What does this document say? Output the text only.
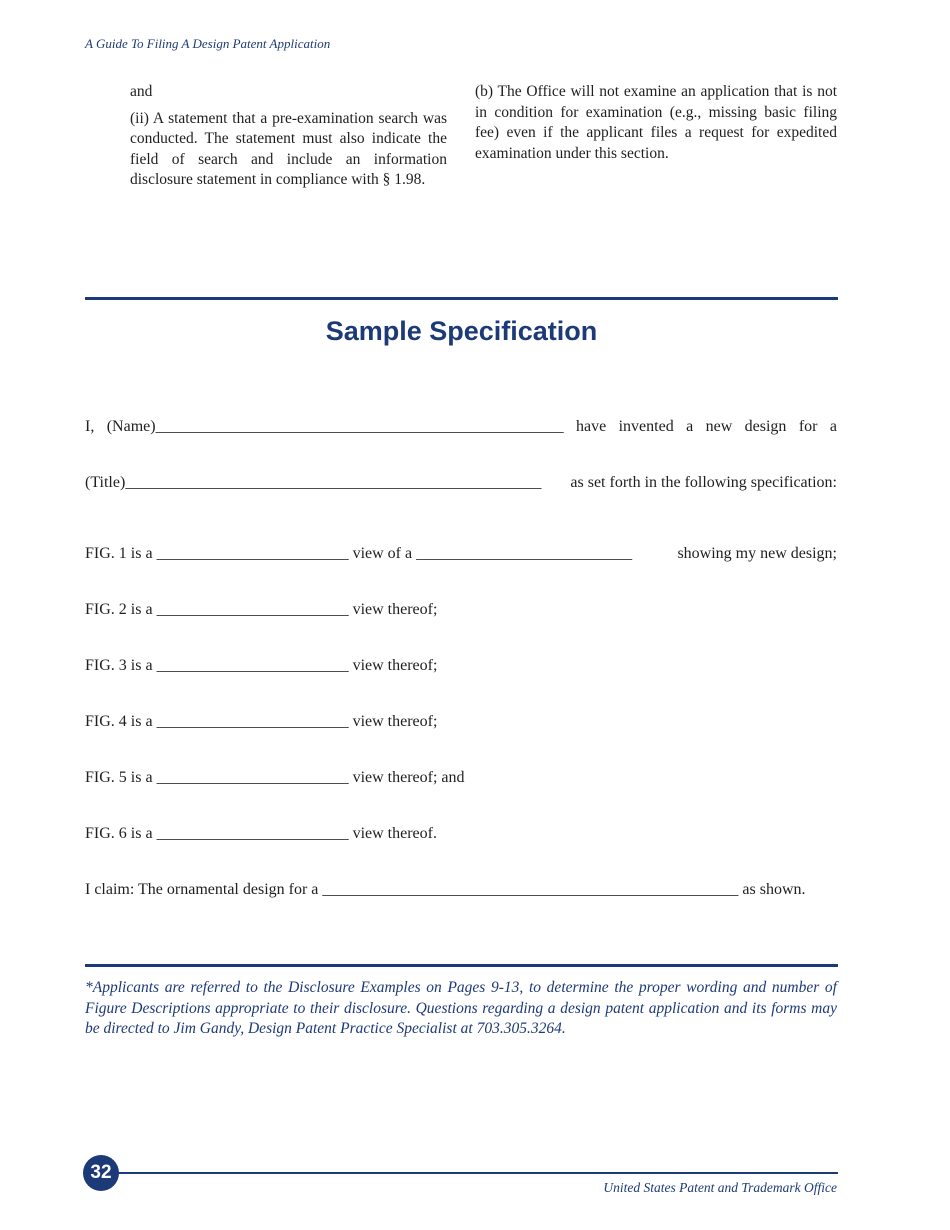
A Guide To Filing A Design Patent Application

and

(ii) A statement that a pre-examination search was conducted. The statement must also indicate the field of search and include an information disclosure statement in compliance with § 1.98.

(b) The Office will not examine an application that is not in condition for examination (e.g., missing basic filing fee) even if the applicant files a request for expedited examination under this section.

Sample Specification
I, (Name)___________________________________________________ have invented a new design for a
(Title)____________________________________________________ as set forth in the following specification:
FIG. 1 is a ________________________ view of a ___________________________	showing my new design;
FIG. 2 is a ________________________ view thereof;
FIG. 3 is a ________________________ view thereof;
FIG. 4 is a ________________________ view thereof;
FIG. 5 is a ________________________ view thereof; and
FIG. 6 is a ________________________ view thereof.
I claim: The ornamental design for a ____________________________________________________ as shown.

*Applicants are referred to the Disclosure Examples on Pages 9-13, to determine the proper wording and number of Figure Descriptions appropriate to their disclosure. Questions regarding a design patent application and its forms may be directed to Jim Gandy, Design Patent Practice Specialist at 703.305.3264.

32
United States Patent and Trademark Office
